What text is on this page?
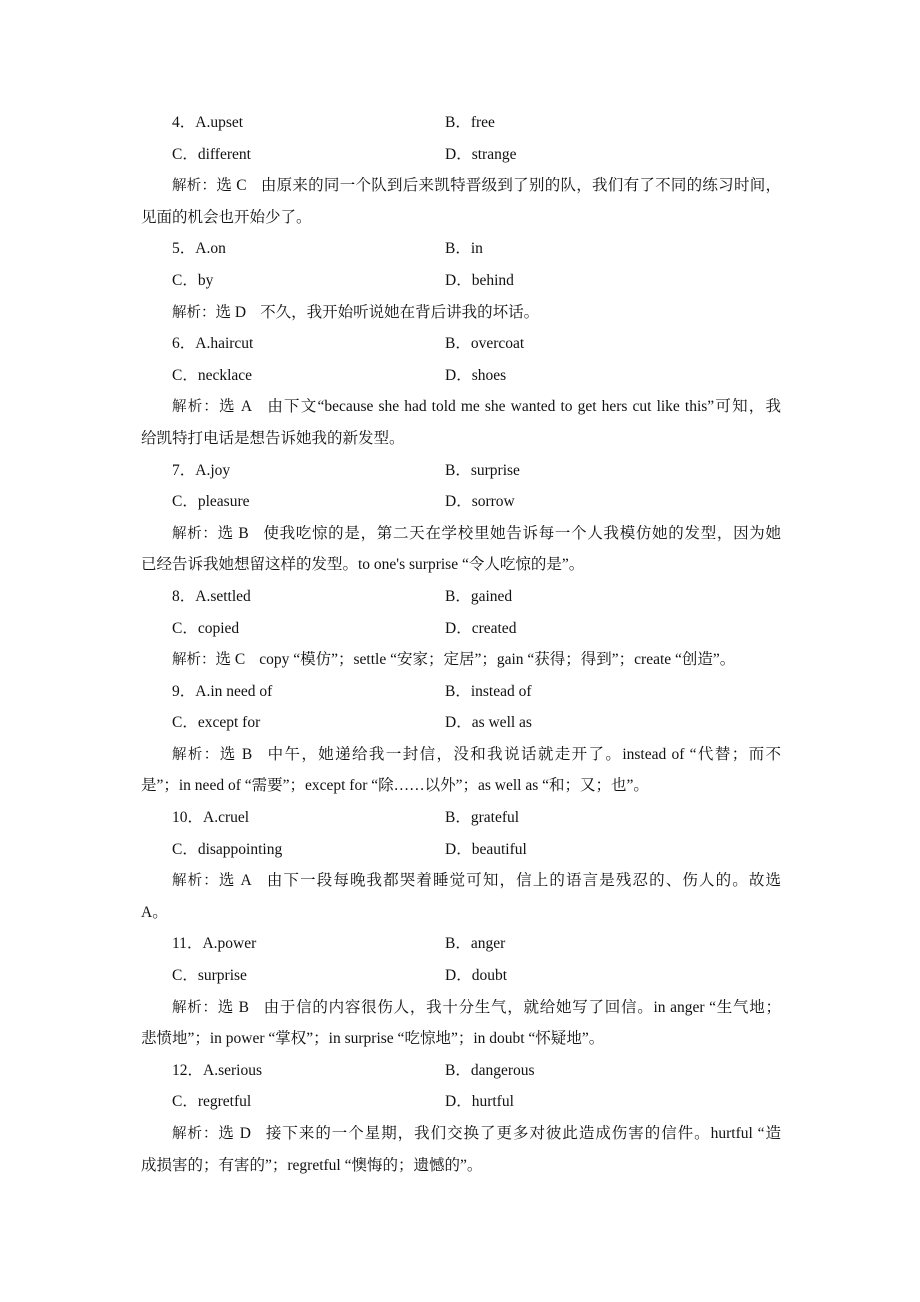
4．A.upset	B．free
C．different	D．strange
解析：选 C 由原来的同一个队到后来凯特晋级到了别的队，我们有了不同的练习时间，
见面的机会也开始少了。
5．A.on	B．in
C．by	D．behind
解析：选 D 不久，我开始听说她在背后讲我的坏话。
6．A.haircut	B．overcoat
C．necklace	D．shoes
解析：选 A 由下文“because she had told me she wanted to get hers cut like this”可知，我
给凯特打电话是想告诉她我的新发型。
7．A.joy	B．surprise
C．pleasure	D．sorrow
解析：选 B 使我吃惊的是，第二天在学校里她告诉每一个人我模仿她的发型，因为她
已经告诉我她想留这样的发型。to one's surprise “令人吃惊的是”。
8．A.settled	B．gained
C．copied	D．created
解析：选 C copy “模仿”；settle “安家；定居”；gain “获得；得到”；create “创造”。
9．A.in need of	B．instead of
C．except for	D．as well as
解析：选 B 中午，她递给我一封信，没和我说话就走开了。instead of “代替；而不
是”；in need of “需要”；except for “除……以外”；as well as “和；又；也”。
10．A.cruel	B．grateful
C．disappointing	D．beautiful
解析：选 A 由下一段每晚我都哭着睡觉可知，信上的语言是残忍的、伤人的。故选
A。
11．A.power	B．anger
C．surprise	D．doubt
解析：选 B 由于信的内容很伤人，我十分生气，就给她写了回信。in anger “生气地；
悲愤地”；in power “掌权”；in surprise “吃惊地”；in doubt “怀疑地”。
12．A.serious	B．dangerous
C．regretful	D．hurtful
解析：选 D 接下来的一个星期，我们交换了更多对彼此造成伤害的信件。hurtful “造
成损害的；有害的”；regretful “懊悔的；遗憾的”。
